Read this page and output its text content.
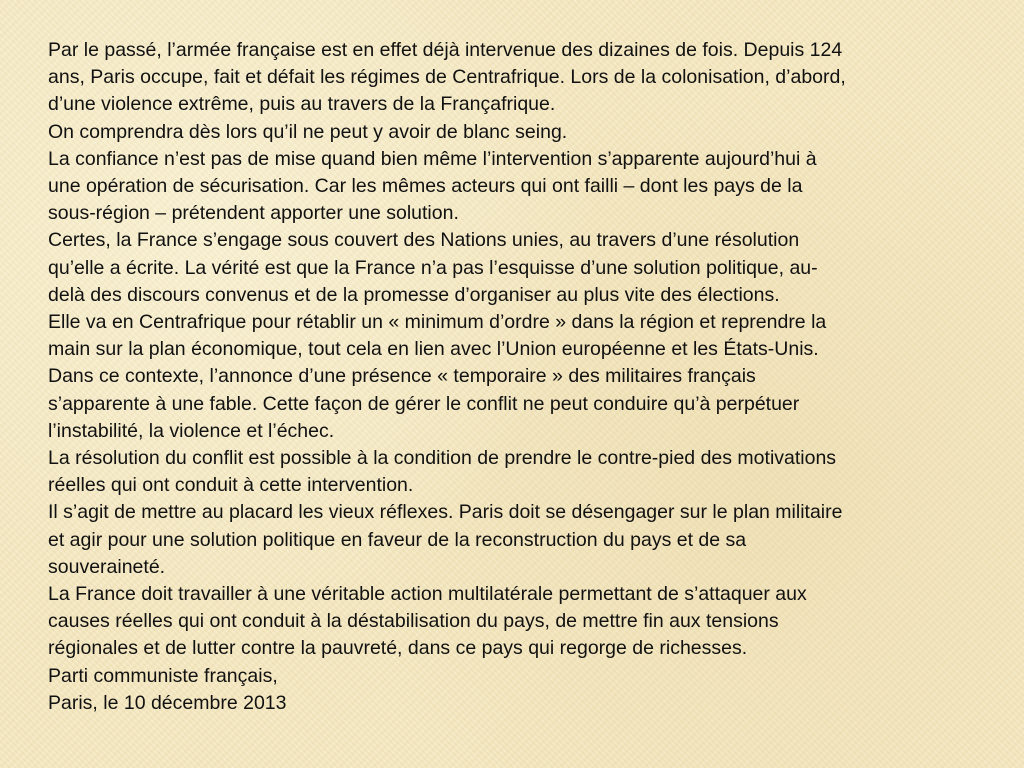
Par le passé, l’armée française est en effet déjà intervenue des dizaines de fois. Depuis 124
ans, Paris occupe, fait et défait les régimes de Centrafrique. Lors de la colonisation, d’abord,
d’une violence extrême, puis au travers de la Françafrique.
On comprendra dès lors qu’il ne peut y avoir de blanc seing.
La confiance n’est pas de mise quand bien même l’intervention s’apparente aujourd’hui à
une opération de sécurisation. Car les mêmes acteurs qui ont failli – dont les pays de la
sous-région – prétendent apporter une solution.
Certes, la France s’engage sous couvert des Nations unies, au travers d’une résolution
qu’elle a écrite. La vérité est que la France n’a pas l’esquisse d’une solution politique, au-
delà des discours convenus et de la promesse d’organiser au plus vite des élections.
Elle va en Centrafrique pour rétablir un « minimum d’ordre » dans la région et reprendre la
main sur la plan économique, tout cela en lien avec l’Union européenne et les États-Unis.
Dans ce contexte, l’annonce d’une présence « temporaire » des militaires français
s’apparente à une fable. Cette façon de gérer le conflit ne peut conduire qu’à perpétuer
l’instabilité, la violence et l’échec.
La résolution du conflit est possible à la condition de prendre le contre-pied des motivations
réelles qui ont conduit à cette intervention.
Il s’agit de mettre au placard les vieux réflexes. Paris doit se désengager sur le plan militaire
et agir pour une solution politique en faveur de la reconstruction du pays et de sa
souveraineté.
La France doit travailler à une véritable action multilatérale permettant de s’attaquer aux
causes réelles qui ont conduit à la déstabilisation du pays, de mettre fin aux tensions
régionales et de lutter contre la pauvreté, dans ce pays qui regorge de richesses.
Parti communiste français,
Paris, le 10 décembre 2013
